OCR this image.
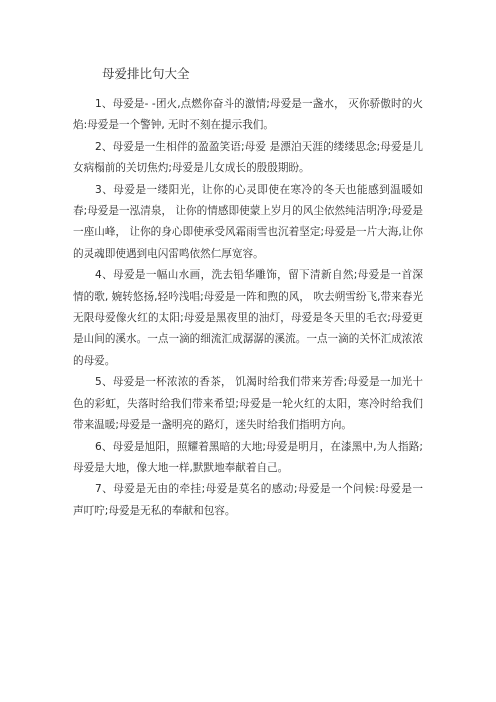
母爱排比句大全

1、母爱是- -团火,点燃你奋斗的激情;母爱是一盏水， 灭你骄傲时的火焰:母爱是一个警钟, 无时不刻在提示我们。

2、母爱是一生相伴的盈盈笑语;母爱 是漂泊天涯的缕缕思念;母爱是儿女病榻前的关切焦灼;母爱是儿女成长的殷殷期盼。

3、母爱是一缕阳光，让你的心灵即使在寒冷的冬天也能感到温暖如春;母爱是一泓清泉， 让你的情感即使蒙上岁月的风尘依然纯洁明净;母爱是一座山峰， 让你的身心即使承受风霜雨雪也沉着坚定;母爱是一片大海,让你的灵魂即使遇到电闪雷鸣依然仁厚宽容。

4、母爱是一幅山水画，洗去铅华雕饰，留下清新自然;母爱是一首深情的歌, 婉转悠扬,轻吟浅唱;母爱是一阵和煦的风， 吹去朔雪纷飞,带来春光无限母爱像火红的太阳;母爱是黑夜里的油灯，母爱是冬天里的毛衣;母爱更是山间的溪水。一点一滴的细流汇成潺潺的溪流。一点一滴的关怀汇成浓浓的母爱。

5、母爱是一杯浓浓的香茶， 饥渴时给我们带来芳香;母爱是一加光十色的彩虹，失落时给我们带来希望;母爱是一轮火红的太阳，寒冷时给我们带来温暖;母爱是一盏明亮的路灯，迷失时给我们指明方向。

6、母爱是旭阳，照耀着黑暗的大地;母爱是明月，在漆黑中,为人指路;母爱是大地，像大地一样,默默地奉献着自己。

7、母爱是无由的牵挂;母爱是莫名的感动;母爱是一个问候:母爱是一 声叮咛;母爱是无私的奉献和包容。
